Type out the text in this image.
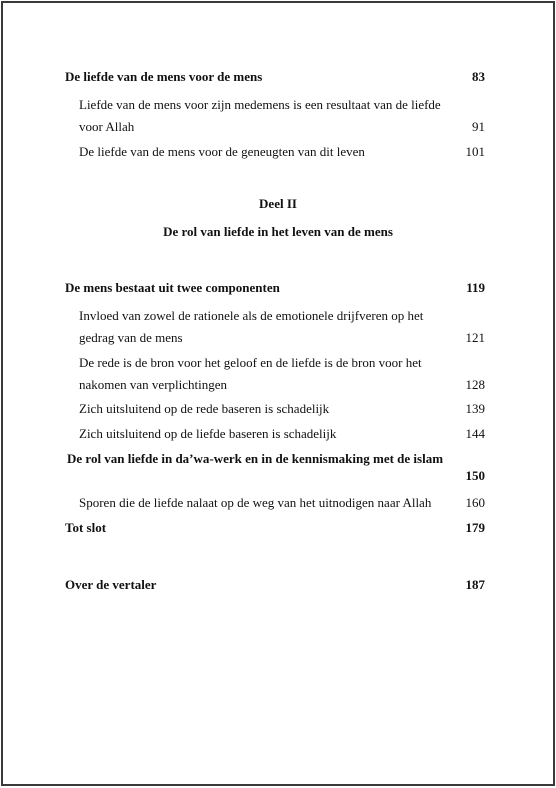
De liefde van de mens voor de mens	83
Liefde van de mens voor zijn medemens is een resultaat van de liefde
voor Allah	91
De liefde van de mens voor de geneugten van dit leven	101
Deel II
De rol van liefde in het leven van de mens
De mens bestaat uit twee componenten	119
Invloed van zowel de rationele als de emotionele drijfveren op het
gedrag van de mens	121
De rede is de bron voor het geloof en de liefde is de bron voor het
nakomen van verplichtingen	128
Zich uitsluitend op de rede baseren is schadelijk	139
Zich uitsluitend op de liefde baseren is schadelijk	144
De rol van liefde in da’wa-werk en in de kennismaking met de islam
150
Sporen die de liefde nalaat op de weg van het uitnodigen naar Allah	160
Tot slot	179
Over de vertaler	187
